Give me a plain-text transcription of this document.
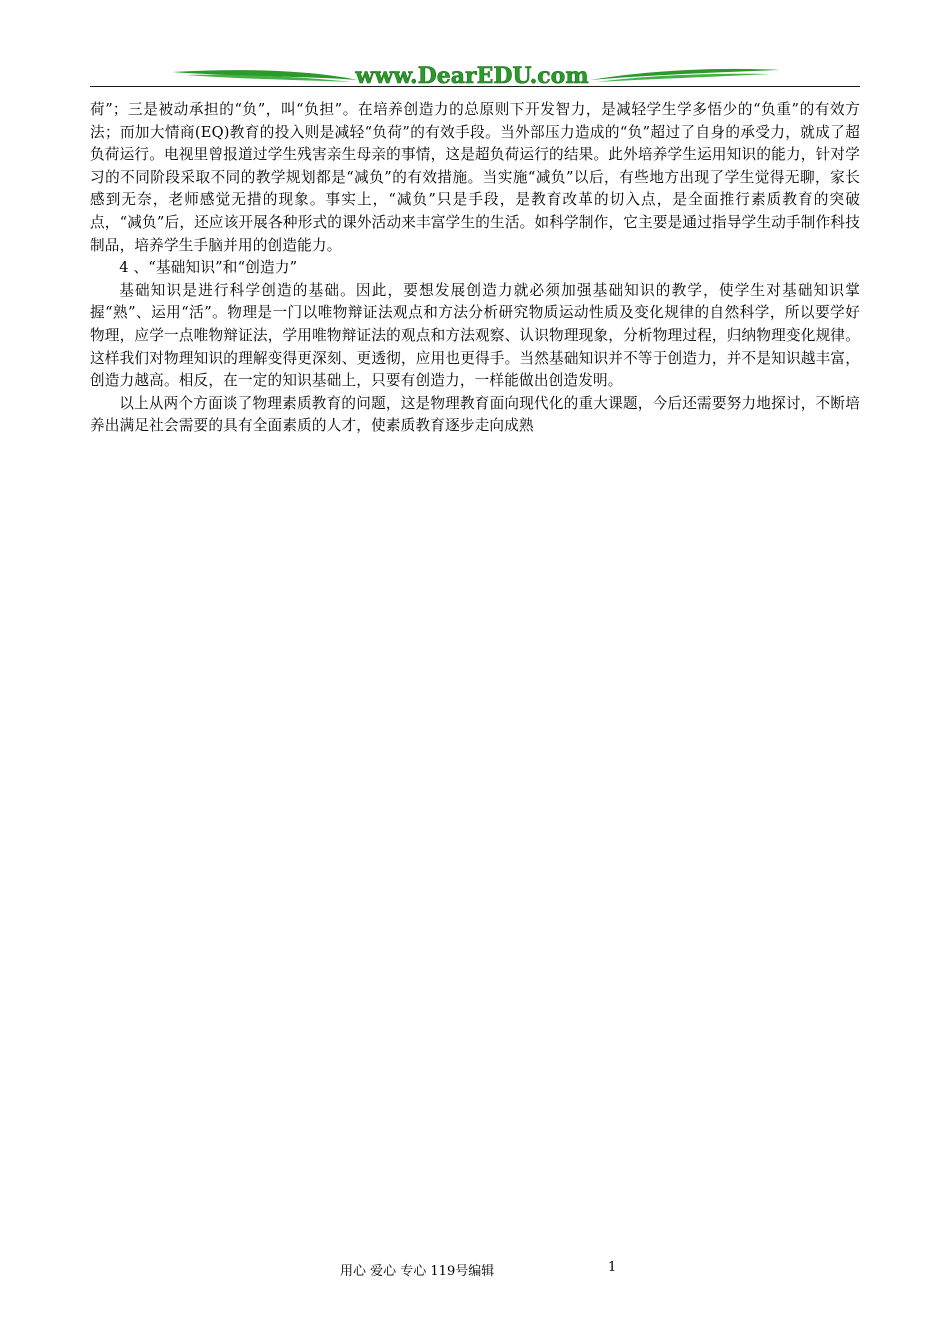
www.DearEDU.com

荷”；三是被动承担的“负”，叫“负担”。在培养创造力的总原则下开发智力，是减轻学生学多悟少的“负重”的有效方法；而加大情商(EQ)教育的投入则是减轻“负荷”的有效手段。当外部压力造成的“负”超过了自身的承受力，就成了超负荷运行。电视里曾报道过学生残害亲生母亲的事情，这是超负荷运行的结果。此外培养学生运用知识的能力，针对学习的不同阶段采取不同的教学规划都是“减负”的有效措施。当实施“减负”以后，有些地方出现了学生觉得无聊，家长感到无奈，老师感觉无措的现象。事实上，“减负”只是手段，是教育改革的切入点，是全面推行素质教育的突破点，“减负”后，还应该开展各种形式的课外活动来丰富学生的生活。如科学制作，它主要是通过指导学生动手制作科技制品，培养学生手脑并用的创造能力。

4 、“基础知识”和“创造力”

基础知识是进行科学创造的基础。因此，要想发展创造力就必须加强基础知识的教学，使学生对基础知识掌握“熟”、运用“活”。物理是一门以唯物辩证法观点和方法分析研究物质运动性质及变化规律的自然科学，所以要学好物理，应学一点唯物辩证法，学用唯物辩证法的观点和方法观察、认识物理现象，分析物理过程，归纳物理变化规律。这样我们对物理知识的理解变得更深刻、更透彻，应用也更得手。当然基础知识并不等于创造力，并不是知识越丰富，创造力越高。相反，在一定的知识基础上，只要有创造力，一样能做出创造发明。

以上从两个方面谈了物理素质教育的问题，这是物理教育面向现代化的重大课题，今后还需要努力地探讨，不断培养出满足社会需要的具有全面素质的人才，使素质教育逐步走向成熟

用心 爱心 专心 119号编辑	1
